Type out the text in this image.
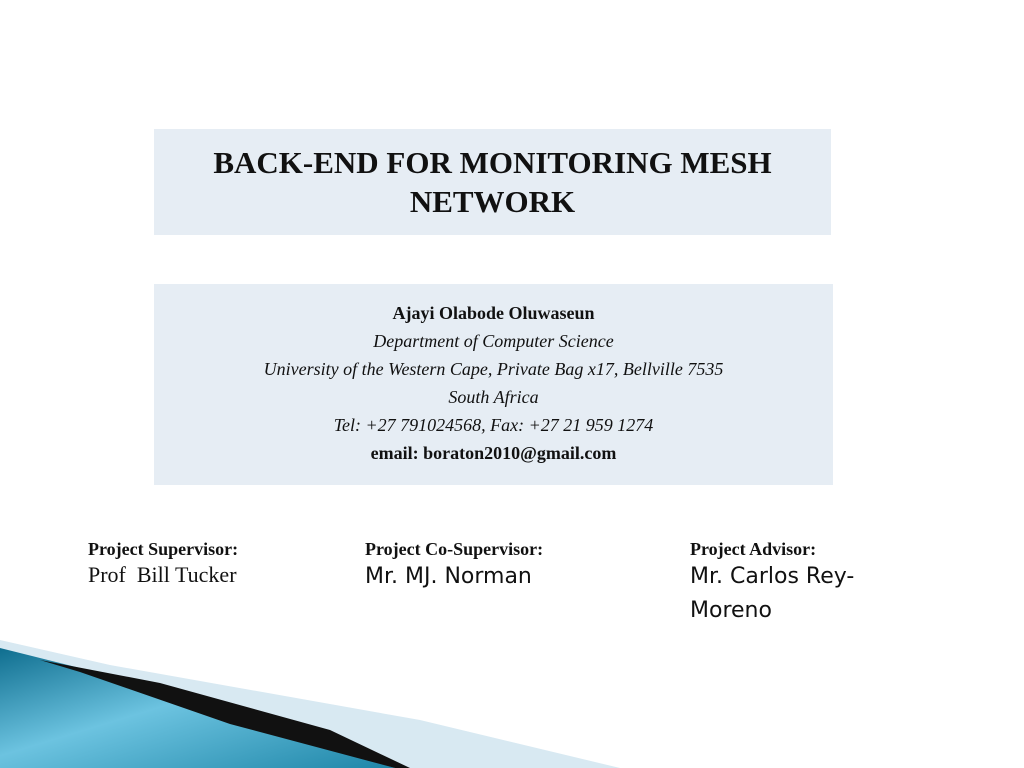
BACK-END FOR MONITORING MESH NETWORK
Ajayi Olabode Oluwaseun
Department of Computer Science
University of the Western Cape, Private Bag x17, Bellville 7535
South Africa
Tel: +27 791024568, Fax: +27 21 959 1274
email: boraton2010@gmail.com
Project Supervisor:
Prof  Bill Tucker
Project Co-Supervisor:
Mr. MJ. Norman
Project Advisor:
Mr. Carlos Rey-Moreno
